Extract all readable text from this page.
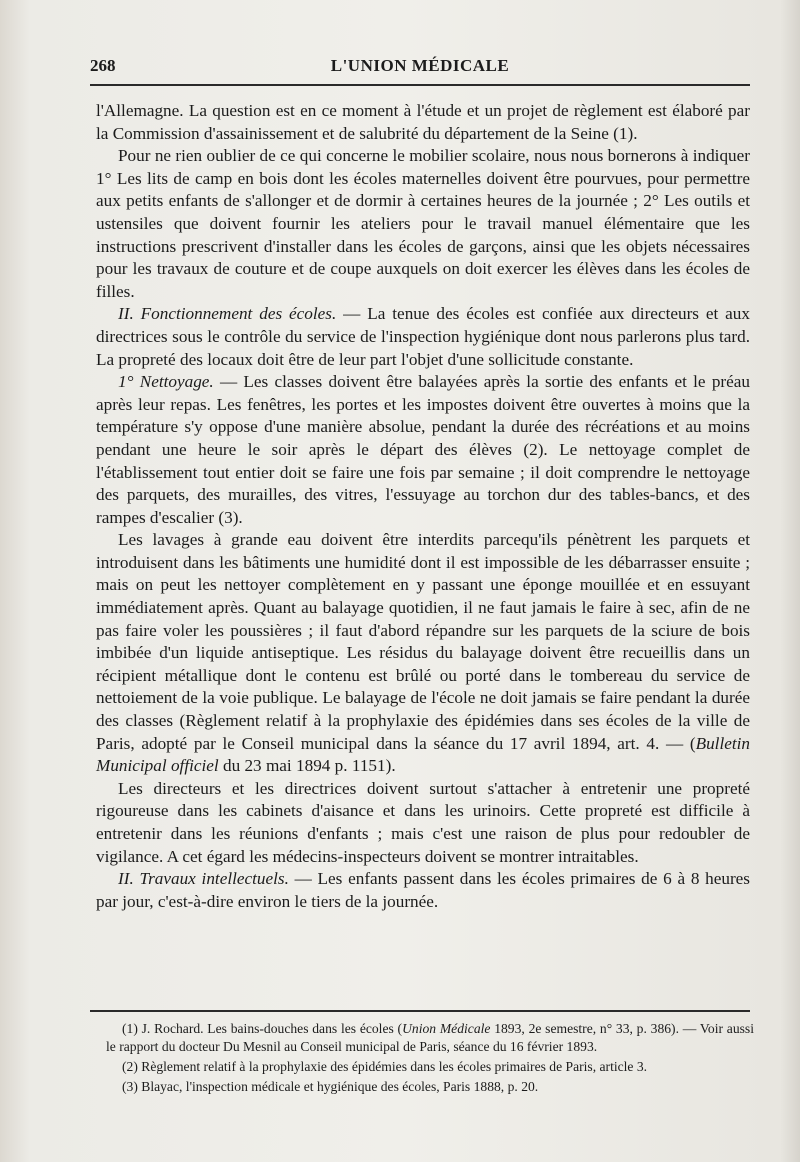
268	L'UNION MÉDICALE

l'Allemagne. La question est en ce moment à l'étude et un projet de règlement est élaboré par la Commission d'assainissement et de salubrité du département de la Seine (1).

Pour ne rien oublier de ce qui concerne le mobilier scolaire, nous nous bornerons à indiquer 1° Les lits de camp en bois dont les écoles maternelles doivent être pourvues, pour permettre aux petits enfants de s'allonger et de dormir à certaines heures de la journée ; 2° Les outils et ustensiles que doivent fournir les ateliers pour le travail manuel élémentaire que les instructions prescrivent d'installer dans les écoles de garçons, ainsi que les objets nécessaires pour les travaux de couture et de coupe auxquels on doit exercer les élèves dans les écoles de filles.

II. Fonctionnement des écoles. — La tenue des écoles est confiée aux directeurs et aux directrices sous le contrôle du service de l'inspection hygiénique dont nous parlerons plus tard. La propreté des locaux doit être de leur part l'objet d'une sollicitude constante.

1° Nettoyage. — Les classes doivent être balayées après la sortie des enfants et le préau après leur repas. Les fenêtres, les portes et les impostes doivent être ouvertes à moins que la température s'y oppose d'une manière absolue, pendant la durée des récréations et au moins pendant une heure le soir après le départ des élèves (2). Le nettoyage complet de l'établissement tout entier doit se faire une fois par semaine ; il doit comprendre le nettoyage des parquets, des murailles, des vitres, l'essuyage au torchon dur des tables-bancs, et des rampes d'escalier (3).

Les lavages à grande eau doivent être interdits parcequ'ils pénètrent les parquets et introduisent dans les bâtiments une humidité dont il est impossible de les débarrasser ensuite ; mais on peut les nettoyer complètement en y passant une éponge mouillée et en essuyant immédiatement après. Quant au balayage quotidien, il ne faut jamais le faire à sec, afin de ne pas faire voler les poussières ; il faut d'abord répandre sur les parquets de la sciure de bois imbibée d'un liquide antiseptique. Les résidus du balayage doivent être recueillis dans un récipient métallique dont le contenu est brûlé ou porté dans le tombereau du service de nettoiement de la voie publique. Le balayage de l'école ne doit jamais se faire pendant la durée des classes (Règlement relatif à la prophylaxie des épidémies dans ses écoles de la ville de Paris, adopté par le Conseil municipal dans la séance du 17 avril 1894, art. 4. — (Bulletin Municipal officiel du 23 mai 1894 p. 1151).

Les directeurs et les directrices doivent surtout s'attacher à entretenir une propreté rigoureuse dans les cabinets d'aisance et dans les urinoirs. Cette propreté est difficile à entretenir dans les réunions d'enfants ; mais c'est une raison de plus pour redoubler de vigilance. A cet égard les médecins-inspecteurs doivent se montrer intraitables.

II. Travaux intellectuels. — Les enfants passent dans les écoles primaires de 6 à 8 heures par jour, c'est-à-dire environ le tiers de la journée.

(1) J. Rochard. Les bains-douches dans les écoles (Union Médicale 1893, 2e semestre, n° 33, p. 386). — Voir aussi le rapport du docteur Du Mesnil au Conseil municipal de Paris, séance du 16 février 1893.

(2) Règlement relatif à la prophylaxie des épidémies dans les écoles primaires de Paris, article 3.

(3) Blayac, l'inspection médicale et hygiénique des écoles, Paris 1888, p. 20.
